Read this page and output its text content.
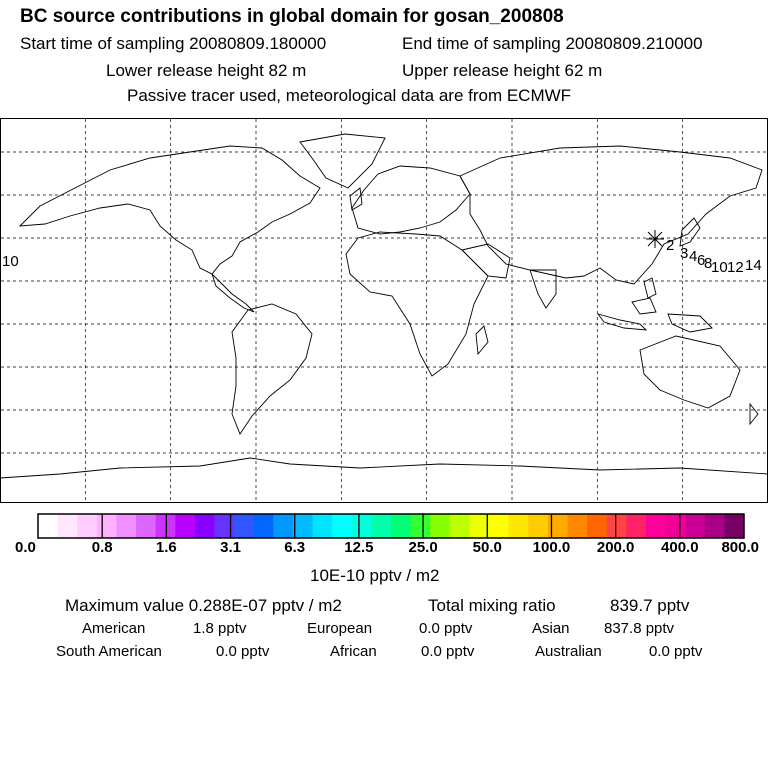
BC source contributions in global domain for gosan_200808
Start time of sampling 20080809.180000	End time of sampling 20080809.210000
Lower release height 82 m	Upper release height 62 m
Passive tracer used, meteorological data are from ECMWF
2 3 4 6
8
10 12 14
10
0.0	0.8	1.6	3.1	6.3	12.5 25.0 50.0 100.0 200.0 400.0 800.0
10E-10 pptv / m2
Maximum value 0.288E-07 pptv / m2	Total mixing ratio	839.7 pptv
American	1.8 pptv	European	0.0 pptv	Asian 837.8 pptv
South American	0.0 pptv	African	0.0 pptv	Australian	0.0 pptv
